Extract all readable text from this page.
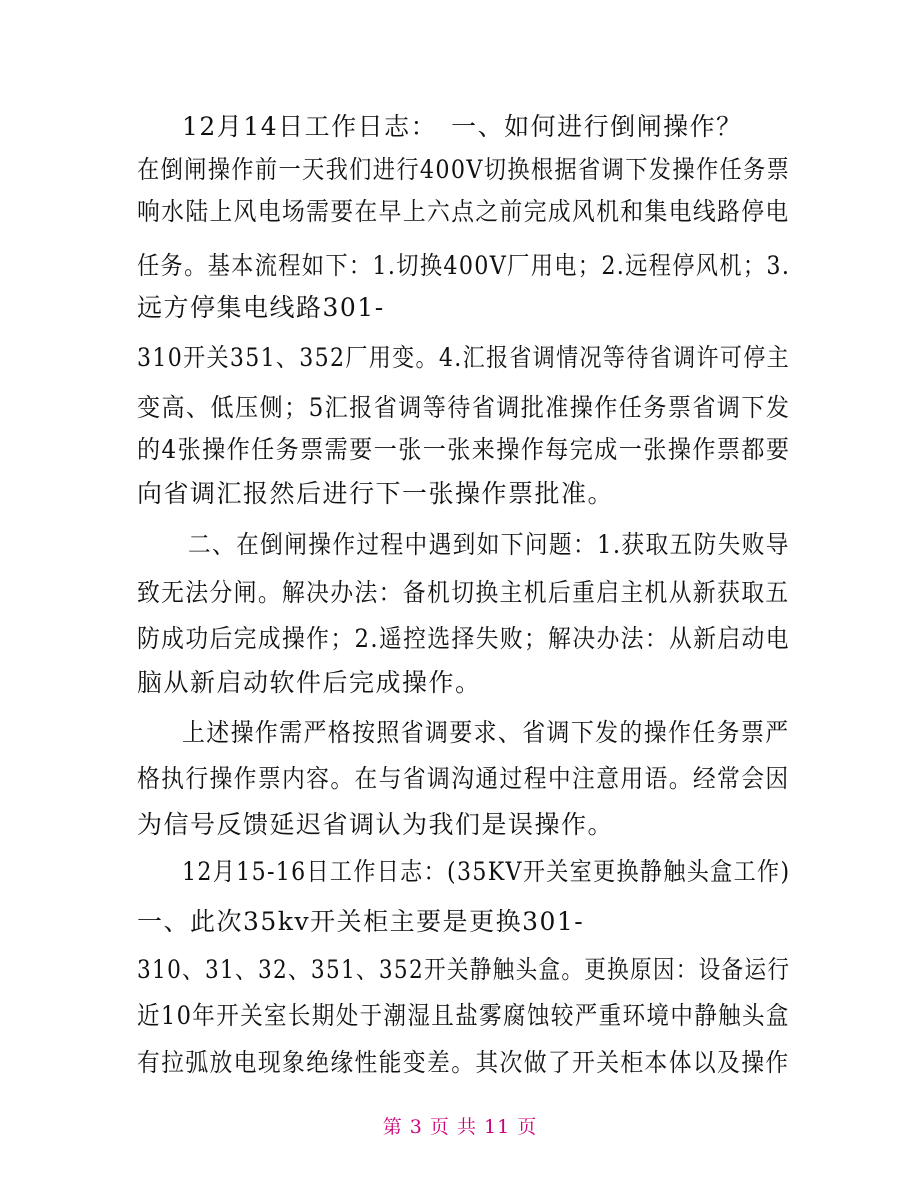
12月14日工作日志：　一、如何进行倒闸操作？
在倒闸操作前一天我们进行400V切换根据省调下发操作任务票
响水陆上风电场需要在早上六点之前完成风机和集电线路停电
任务。基本流程如下：1.切换400V厂用电；2.远程停风机；3.
远方停集电线路301-
310开关351、352厂用变。4.汇报省调情况等待省调许可停主
变高、低压侧；5汇报省调等待省调批准操作任务票省调下发
的4张操作任务票需要一张一张来操作每完成一张操作票都要
向省调汇报然后进行下一张操作票批准。
二、在倒闸操作过程中遇到如下问题：1.获取五防失败导
致无法分闸。解决办法：备机切换主机后重启主机从新获取五
防成功后完成操作；2.遥控选择失败；解决办法：从新启动电
脑从新启动软件后完成操作。
上述操作需严格按照省调要求、省调下发的操作任务票严
格执行操作票内容。在与省调沟通过程中注意用语。经常会因
为信号反馈延迟省调认为我们是误操作。
12月15-16日工作日志：(35KV开关室更换静触头盒工作)
一、此次35kv开关柜主要是更换301-
310、31、32、351、352开关静触头盒。更换原因：设备运行
近10年开关室长期处于潮湿且盐雾腐蚀较严重环境中静触头盒
有拉弧放电现象绝缘性能变差。其次做了开关柜本体以及操作
第 3 页 共 11 页
